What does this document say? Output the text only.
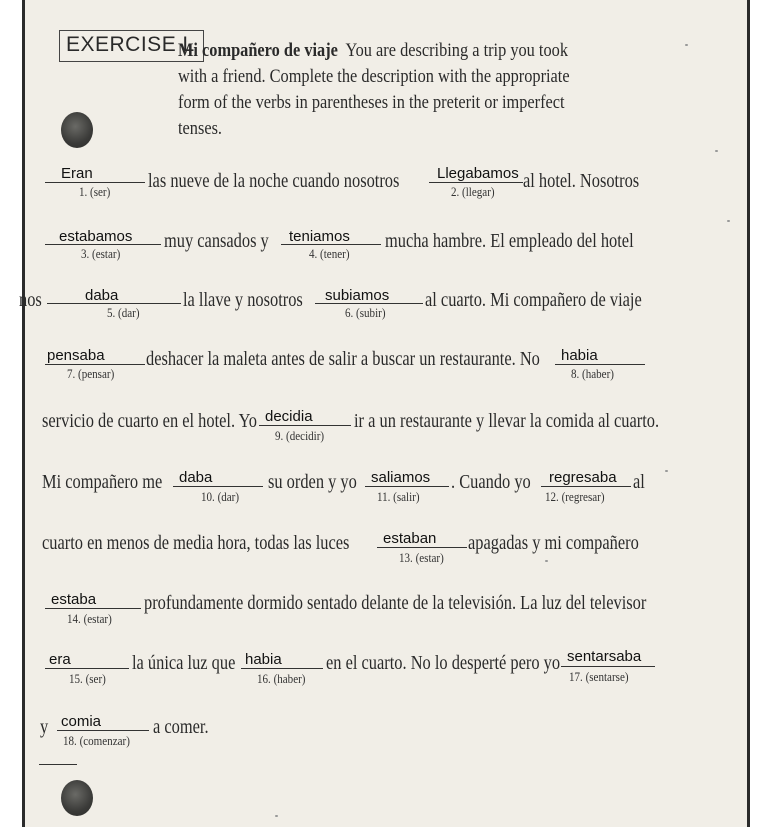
EXERCISE L
Mi compañero de viaje You are describing a trip you took with a friend. Complete the description with the appropriate form of the verbs in parentheses in the preterit or imperfect tenses.
las nueve de la noche cuando nosotros	al hotel. Nosotros
muy cansados y	mucha hambre. El empleado del hotel
nos	la llave y nosotros	al cuarto. Mi compañero de viaje
deshacer la maleta antes de salir a buscar un restaurante. No
servicio de cuarto en el hotel. Yo	ir a un restaurante y llevar la comida al cuarto.
Mi compañero me	su orden y yo	. Cuando yo	al
cuarto en menos de media hora, todas las luces	apagadas y mi compañero
profundamente dormido sentado delante de la televisión. La luz del televisor
la única luz que	en el cuarto. No lo desperté pero yo
y	a comer.
Eran
1. (ser)
Llegabamos
2. (llegar)
estabamos
3. (estar)
teniamos
4. (tener)
daba
5. (dar)
subiamos
6. (subir)
pensaba
7. (pensar)
habia
8. (haber)
decidia
9. (decidir)
daba
10. (dar)
saliamos
11. (salir)
regresaba
12. (regresar)
estaban
13. (estar)
estaba
14. (estar)
era
15. (ser)
habia
16. (haber)
sentarsaba
17. (sentarse)
comia
18. (comenzar)
